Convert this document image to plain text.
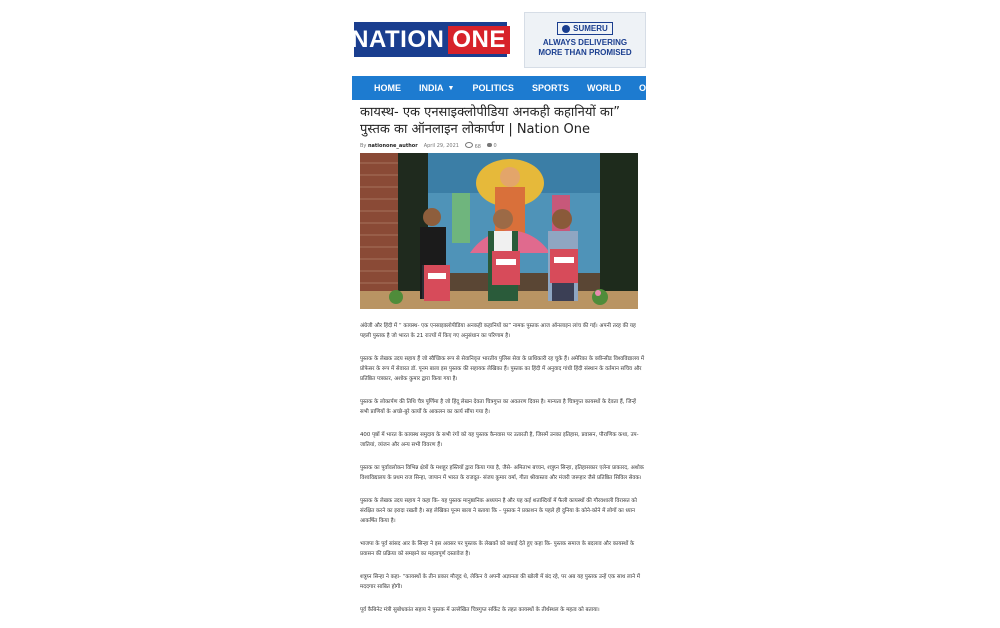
NATION ONE	SUMERU
ALWAYS DELIVERING
MORE THAN PROMISED
HOME INDIA ▼ POLITICS SPORTS WORLD OTHERS
कायस्थ- एक एनसाइक्लोपीडिया अनकही कहानियों का” पुस्तक का ऑनलाइन लोकार्पण | Nation One
By nationone_author April 29, 2021	68	0

अंग्रेजी और हिंदी में “ कायस्थ- एक एनसाइक्लोपीडिया अनकही कहानियों का” नामक पुस्तक आज ऑनलाइन लांच की गई। अपनी तरह की यह पहली पुस्तक है जो भारत के 21 राज्यों में किए गए अनुसंधान का परिणाम है।

पुस्तक के लेखक उदय सहाय हैं जो स्वैच्छिक रूप से सेवानिवृत्त भारतीय पुलिस सेवा के प्राधिकारी रह चुके हैं। अमेरिका के क्वीन्सीड विश्वविद्यालय में प्रोफेसर के रूप में सेवारत डॉ. पूनम बाला इस पुस्तक की सहायक लेखिका हैं। पुस्तक का हिंदी में अनुवाद गांधी हिंदी संस्थान के वर्तमान सचिव और प्रतिष्ठित पत्रकार, अशोक कुमार द्वारा किया गया है।

पुस्तक के लोकार्पण की तिथि चैत्र पूर्णिमा है जो हिंदू लेखन देवता चित्रगुप्त का अवतरण दिवस है। मान्यता है चित्रगुप्त कायस्थों के देवता हैं, जिन्हें सभी प्राणियों के अच्छे-बुरे कार्यों के आकलन का कार्य सौंपा गया है।

400 पृष्ठों में भारत के कायस्थ समुदाय के सभी रंगों को यह पुस्तक कैनवास पर उतारती है, जिसमें उनका इतिहास, प्रवासन, पौराणिक कथा, उप-जातियां, व्यंजन और अन्य सभी विवरण हैं।

पुस्तक का पूर्वावलोकन विभिन्न क्षेत्रों के मशहूर हस्तियों द्वारा किया गया है, जैसे- अमिताभ बच्चन, शत्रुघ्न सिन्हा, इतिहासकार एलेना प्राकारद, अशोक विश्वविद्यालय के प्रथम राज सिन्हा, जापान में भारत के राजदूत- संजय कुमार वर्मा, गीता श्रीवास्तव और मंजरी जरूहार जैसे प्रतिष्ठित सिविल सेवक।

पुस्तक के लेखक उदय सहाय ने कहा कि- यह पुस्तक मानुष्ठानिक अध्ययन है और यह कई शताब्दियों में फैली कायस्थों की गौरवशाली विरासत को संरक्षित करने का इरादा रखती है। सह लेखिका पूनम बाला ने बताया कि – पुस्तक ने प्रकाशन के पहले ही दुनिया के कोने-कोने में लोगों का ध्यान आकर्षित किया है।

भाजपा के पूर्व सांसद आर के सिन्हा ने इस अवसर पर पुस्तक के लेखकों को बधाई देते हुए कहा कि- पुस्तक समाज के बदलाव और कायस्थों के प्रवासन की प्रक्रिया को समझने का महत्वपूर्ण दस्तावेज है।

शत्रुघ्न सिन्हा ने कहा- “कायस्थों के तीन प्रकार मौजूद थे, लेकिन वे अपनी अज्ञानता की खोली में बंद रहे, पर अब यह पुस्तक उन्हें एक साथ लाने में मददगार साबित होगी।

पूर्व कैबिनेट मंत्री सुबोधकांत सहाय ने पुस्तक में उल्लेखित चित्रगुप्त सर्किट के तहत कायस्थों के तीर्थस्थल के महत्व को बताया।
